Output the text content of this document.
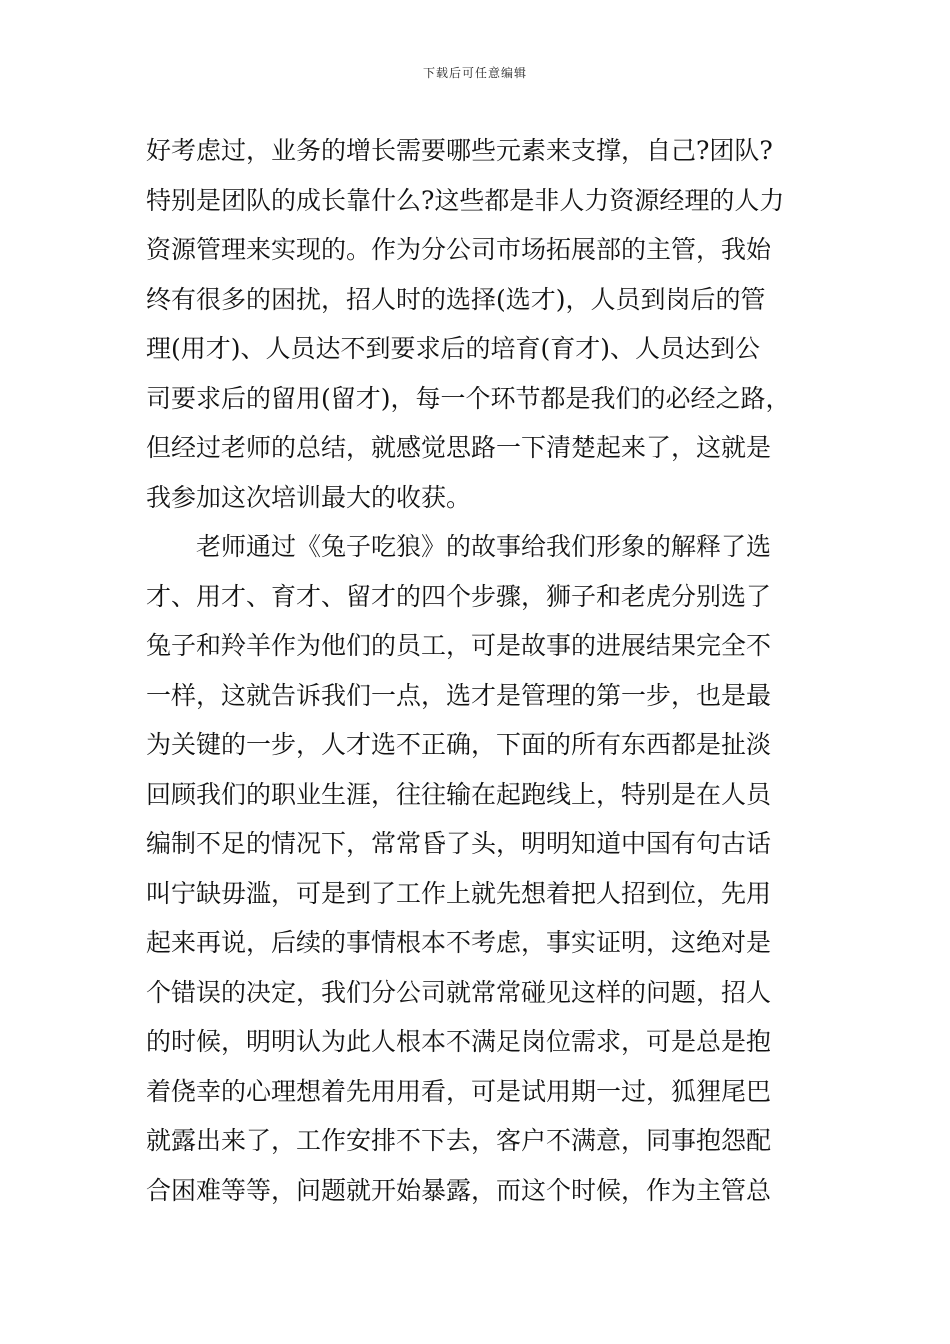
下载后可任意编辑
好考虑过，业务的增长需要哪些元素来支撑，自己?团队?
特别是团队的成长靠什么?这些都是非人力资源经理的人力
资源管理来实现的。作为分公司市场拓展部的主管，我始
终有很多的困扰，招人时的选择(选才)，人员到岗后的管
理(用才)、人员达不到要求后的培育(育才)、人员达到公
司要求后的留用(留才)，每一个环节都是我们的必经之路，
但经过老师的总结，就感觉思路一下清楚起来了，这就是
我参加这次培训最大的收获。
老师通过《兔子吃狼》的故事给我们形象的解释了选
才、用才、育才、留才的四个步骤，狮子和老虎分别选了
兔子和羚羊作为他们的员工，可是故事的进展结果完全不
一样，这就告诉我们一点，选才是管理的第一步，也是最
为关键的一步，人才选不正确，下面的所有东西都是扯淡
回顾我们的职业生涯，往往输在起跑线上，特别是在人员
编制不足的情况下，常常昏了头，明明知道中国有句古话
叫宁缺毋滥，可是到了工作上就先想着把人招到位，先用
起来再说，后续的事情根本不考虑，事实证明，这绝对是
个错误的决定，我们分公司就常常碰见这样的问题，招人
的时候，明明认为此人根本不满足岗位需求，可是总是抱
着侥幸的心理想着先用用看，可是试用期一过，狐狸尾巴
就露出来了，工作安排不下去，客户不满意，同事抱怨配
合困难等等，问题就开始暴露，而这个时候，作为主管总
